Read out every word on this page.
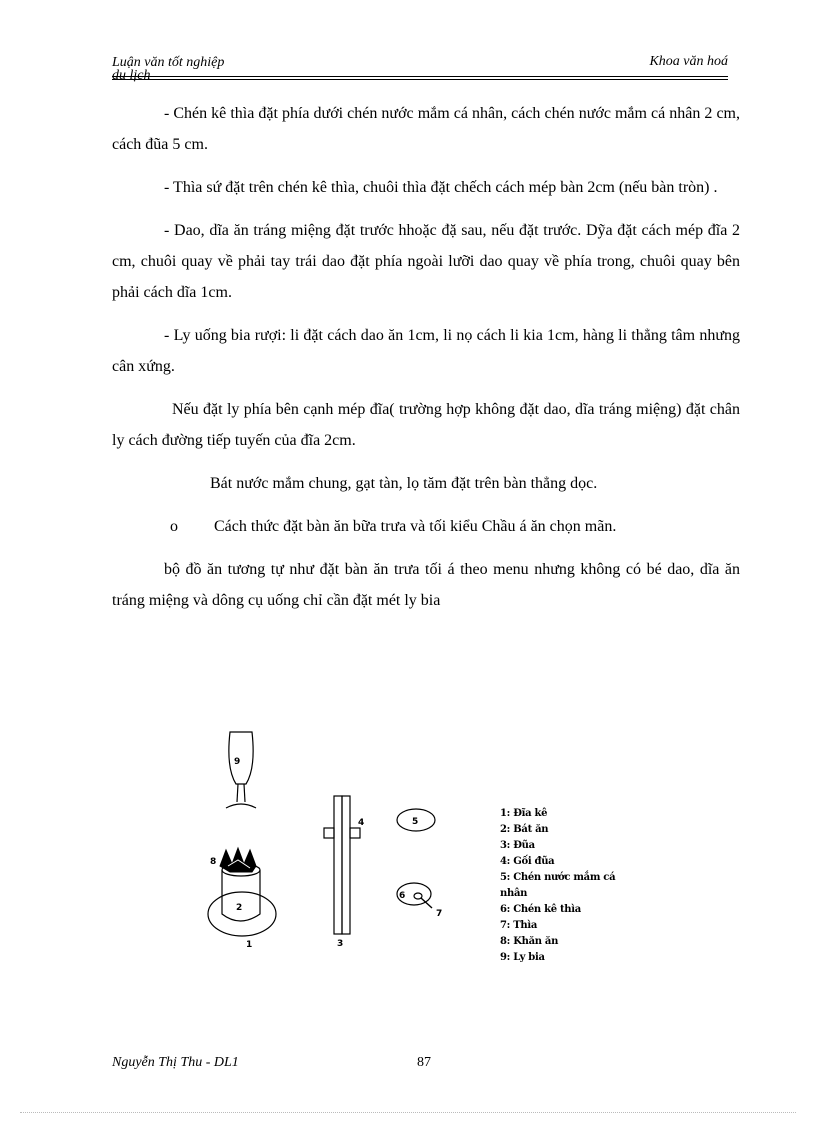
Luận văn tốt nghiệp
du lịch
Khoa văn hoá

- Chén kê thìa đặt phía dưới chén nước mắm cá nhân, cách chén nước mắm cá nhân 2 cm, cách đũa 5 cm.

- Thìa sứ đặt trên chén kê thìa, chuôi thìa đặt chếch cách mép bàn 2cm (nếu bàn tròn) .

- Dao, dĩa ăn tráng miệng đặt trước hhoặc đặ sau, nếu đặt trước. Dỹa đặt cách mép đĩa 2 cm, chuôi quay về phải tay trái dao đặt phía ngoài lưỡi dao quay về phía trong, chuôi quay bên phải cách dĩa 1cm.

- Ly uống bia rượi: li đặt cách dao ăn 1cm, li nọ cách li kia 1cm, hàng li thẳng tâm nhưng cân xứng.

Nếu đặt ly phía bên cạnh mép đĩa( trường hợp không đặt dao, dĩa tráng miệng) đặt chân ly cách đường tiếp tuyến của đĩa 2cm.

Bát nước mắm chung, gạt tàn, lọ tăm đặt trên bàn thẳng dọc.

o Cách thức đặt bàn ăn bữa trưa và tối kiểu Chầu á ăn chọn mãn.

bộ đồ ăn tương tự như đặt bàn ăn trưa tối á theo menu nhưng không có bé dao, dĩa ăn tráng miệng và dông cụ uống chỉ cần đặt mét ly bia

9
1
2
8
3
4	5
6
7
1: Đĩa kê
2: Bát ăn
3: Đũa
4: Gối đũa
5: Chén nước mắm cá
nhân
6: Chén kê thìa
7: Thìa
8: Khăn ăn
9: Ly bia
Nguyễn Thị Thu - DL1	87
